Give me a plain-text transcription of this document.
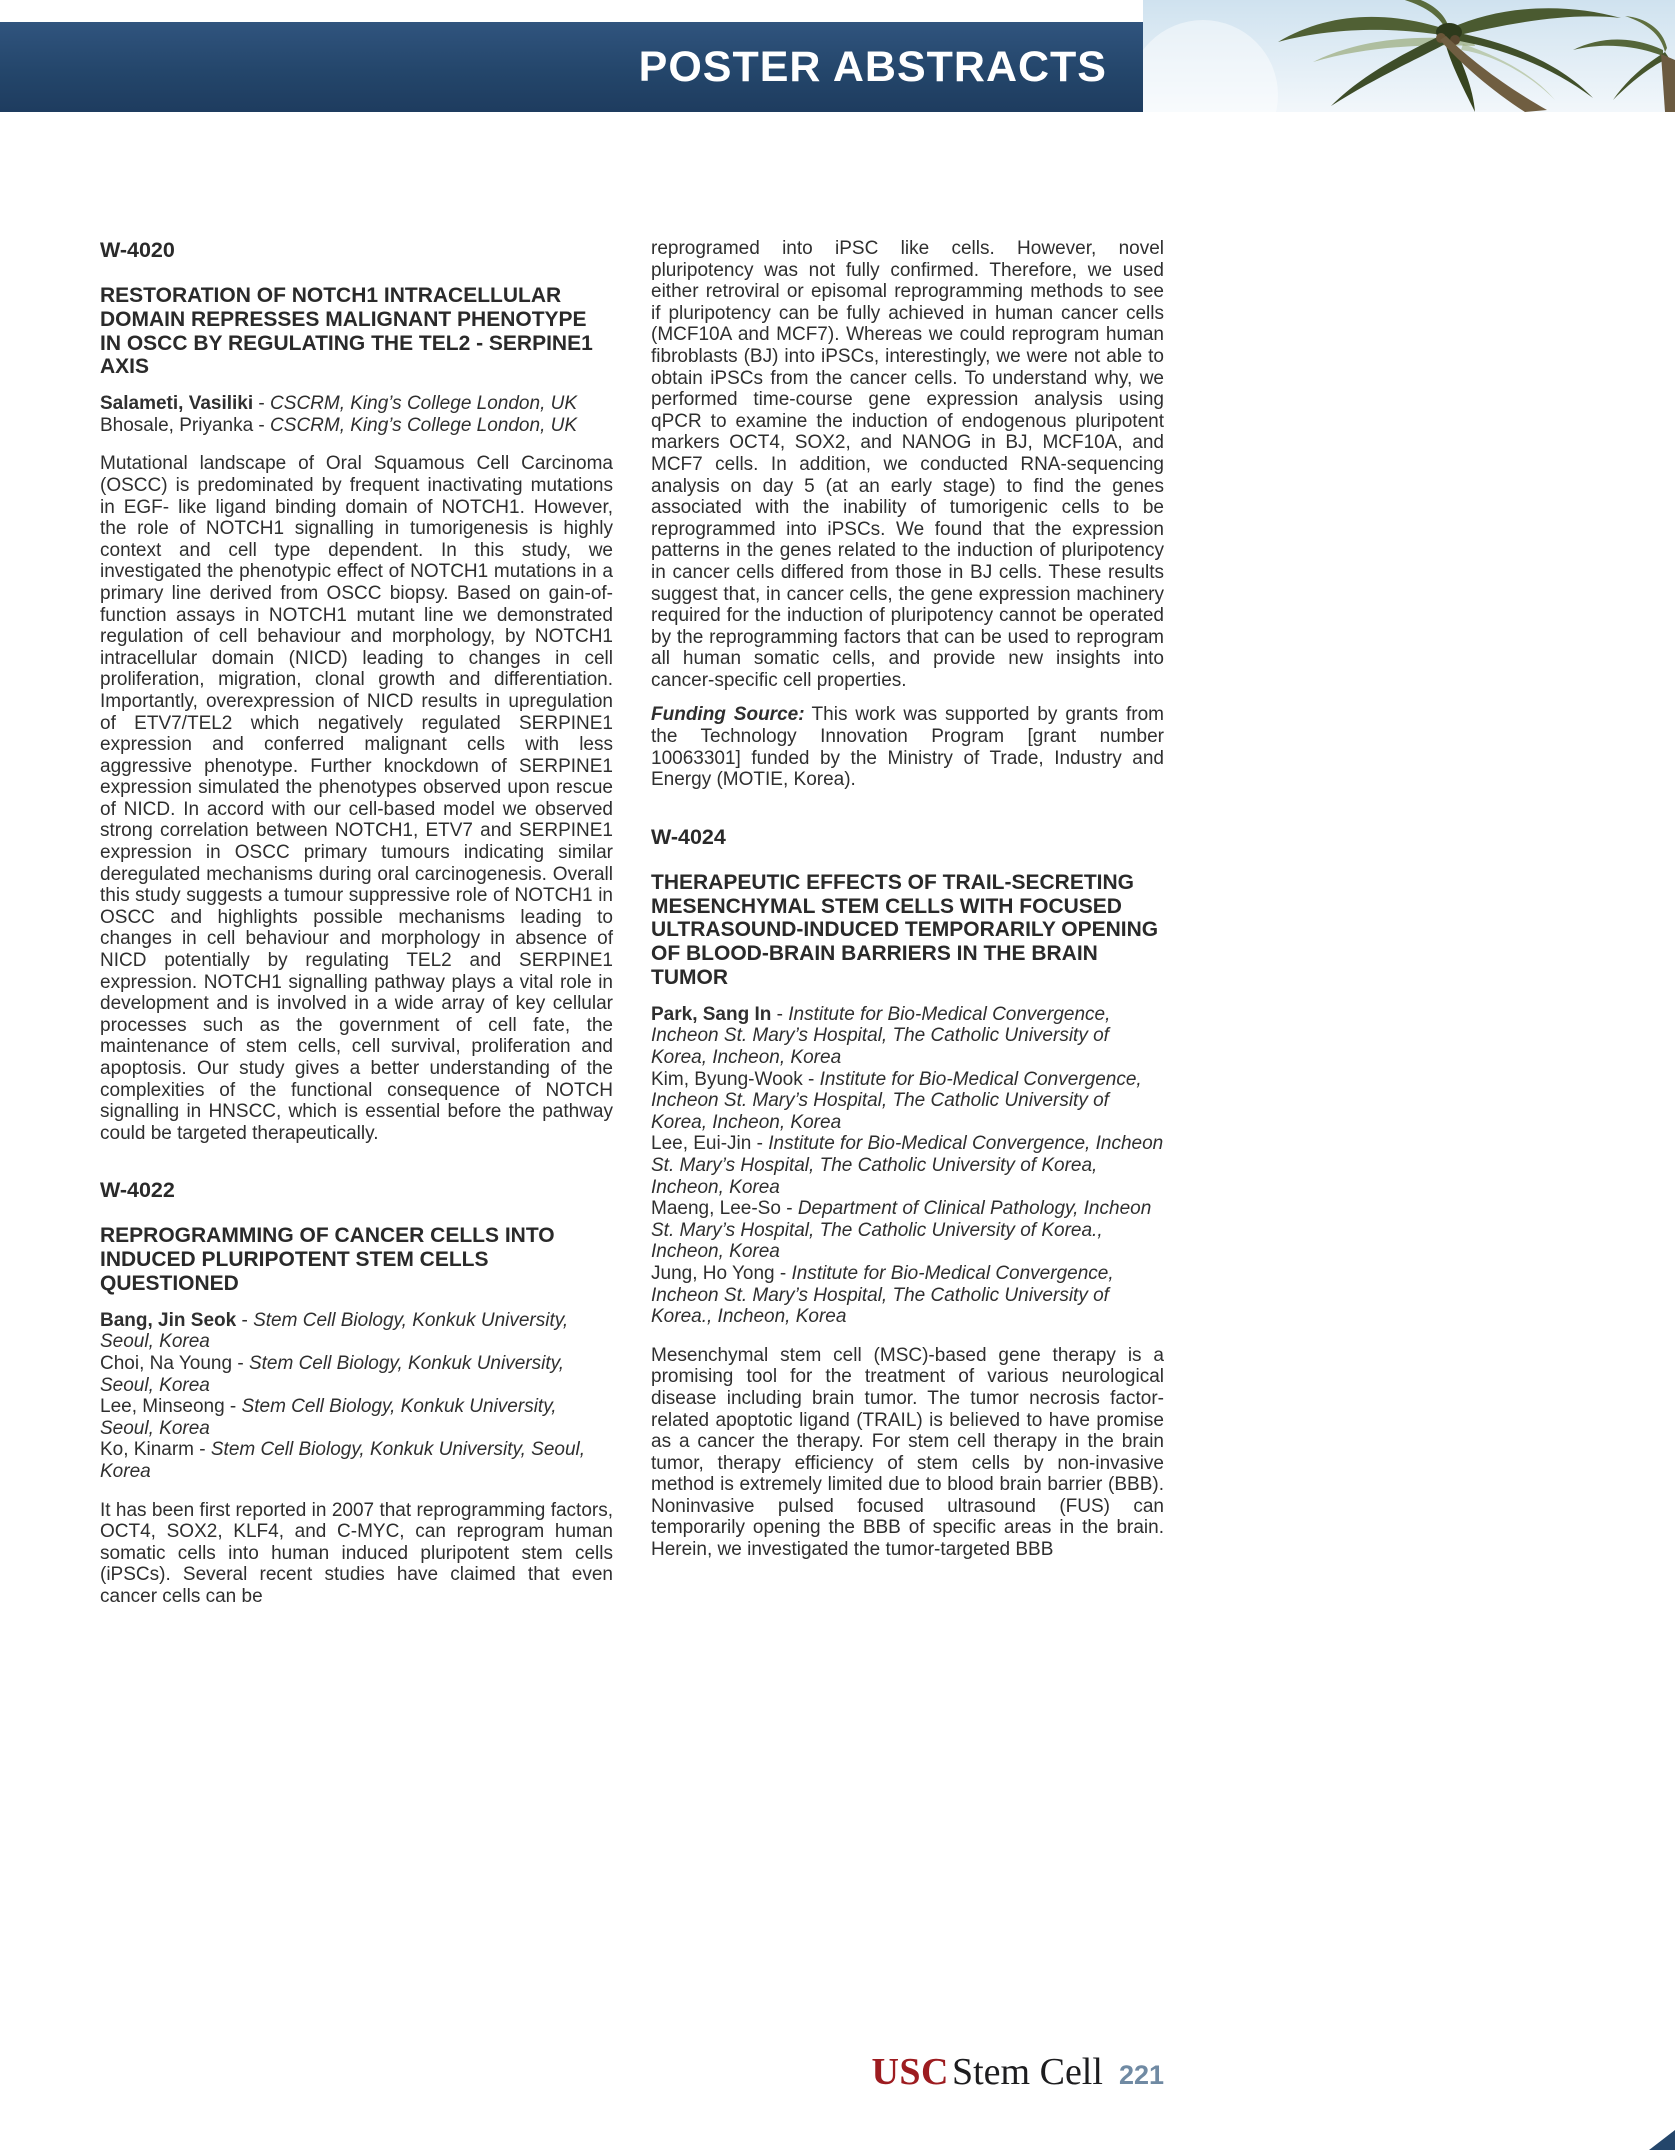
POSTER ABSTRACTS
W-4020
RESTORATION OF NOTCH1 INTRACELLULAR DOMAIN REPRESSES MALIGNANT PHENOTYPE IN OSCC BY REGULATING THE TEL2 - SERPINE1 AXIS
Salameti, Vasiliki - CSCRM, King’s College London, UK
Bhosale, Priyanka - CSCRM, King’s College London, UK

Mutational landscape of Oral Squamous Cell Carcinoma (OSCC) is predominated by frequent inactivating mutations in EGF- like ligand binding domain of NOTCH1. However, the role of NOTCH1 signalling in tumorigenesis is highly context and cell type dependent. In this study, we investigated the phenotypic effect of NOTCH1 mutations in a primary line derived from OSCC biopsy. Based on gain-of-function assays in NOTCH1 mutant line we demonstrated regulation of cell behaviour and morphology, by NOTCH1 intracellular domain (NICD) leading to changes in cell proliferation, migration, clonal growth and differentiation. Importantly, overexpression of NICD results in upregulation of ETV7/TEL2 which negatively regulated SERPINE1 expression and conferred malignant cells with less aggressive phenotype. Further knockdown of SERPINE1 expression simulated the phenotypes observed upon rescue of NICD. In accord with our cell-based model we observed strong correlation between NOTCH1, ETV7 and SERPINE1 expression in OSCC primary tumours indicating similar deregulated mechanisms during oral carcinogenesis. Overall this study suggests a tumour suppressive role of NOTCH1 in OSCC and highlights possible mechanisms leading to changes in cell behaviour and morphology in absence of NICD potentially by regulating TEL2 and SERPINE1 expression. NOTCH1 signalling pathway plays a vital role in development and is involved in a wide array of key cellular processes such as the government of cell fate, the maintenance of stem cells, cell survival, proliferation and apoptosis. Our study gives a better understanding of the complexities of the functional consequence of NOTCH signalling in HNSCC, which is essential before the pathway could be targeted therapeutically.

W-4022
REPROGRAMMING OF CANCER CELLS INTO INDUCED PLURIPOTENT STEM CELLS QUESTIONED
Bang, Jin Seok - Stem Cell Biology, Konkuk University, Seoul, Korea
Choi, Na Young - Stem Cell Biology, Konkuk University, Seoul, Korea
Lee, Minseong - Stem Cell Biology, Konkuk University, Seoul, Korea
Ko, Kinarm - Stem Cell Biology, Konkuk University, Seoul, Korea

It has been first reported in 2007 that reprogramming factors, OCT4, SOX2, KLF4, and C-MYC, can reprogram human somatic cells into human induced pluripotent stem cells (iPSCs). Several recent studies have claimed that even cancer cells can be

reprogramed into iPSC like cells. However, novel pluripotency was not fully confirmed. Therefore, we used either retroviral or episomal reprogramming methods to see if pluripotency can be fully achieved in human cancer cells (MCF10A and MCF7). Whereas we could reprogram human fibroblasts (BJ) into iPSCs, interestingly, we were not able to obtain iPSCs from the cancer cells. To understand why, we performed time-course gene expression analysis using qPCR to examine the induction of endogenous pluripotent markers OCT4, SOX2, and NANOG in BJ, MCF10A, and MCF7 cells. In addition, we conducted RNA-sequencing analysis on day 5 (at an early stage) to find the genes associated with the inability of tumorigenic cells to be reprogrammed into iPSCs. We found that the expression patterns in the genes related to the induction of pluripotency in cancer cells differed from those in BJ cells. These results suggest that, in cancer cells, the gene expression machinery required for the induction of pluripotency cannot be operated by the reprogramming factors that can be used to reprogram all human somatic cells, and provide new insights into cancer-specific cell properties.

Funding Source: This work was supported by grants from the Technology Innovation Program [grant number 10063301] funded by the Ministry of Trade, Industry and Energy (MOTIE, Korea).

W-4024
THERAPEUTIC EFFECTS OF TRAIL-SECRETING MESENCHYMAL STEM CELLS WITH FOCUSED ULTRASOUND-INDUCED TEMPORARILY OPENING OF BLOOD-BRAIN BARRIERS IN THE BRAIN TUMOR
Park, Sang In - Institute for Bio-Medical Convergence, Incheon St. Mary’s Hospital, The Catholic University of Korea, Incheon, Korea
Kim, Byung-Wook - Institute for Bio-Medical Convergence, Incheon St. Mary’s Hospital, The Catholic University of Korea, Incheon, Korea
Lee, Eui-Jin - Institute for Bio-Medical Convergence, Incheon St. Mary’s Hospital, The Catholic University of Korea, Incheon, Korea
Maeng, Lee-So - Department of Clinical Pathology, Incheon St. Mary’s Hospital, The Catholic University of Korea., Incheon, Korea
Jung, Ho Yong - Institute for Bio-Medical Convergence, Incheon St. Mary’s Hospital, The Catholic University of Korea., Incheon, Korea

Mesenchymal stem cell (MSC)-based gene therapy is a promising tool for the treatment of various neurological disease including brain tumor. The tumor necrosis factor-related apoptotic ligand (TRAIL) is believed to have promise as a cancer the therapy. For stem cell therapy in the brain tumor, therapy efficiency of stem cells by non-invasive method is extremely limited due to blood brain barrier (BBB). Noninvasive pulsed focused ultrasound (FUS) can temporarily opening the BBB of specific areas in the brain. Herein, we investigated the tumor-targeted BBB

USC Stem Cell 221
